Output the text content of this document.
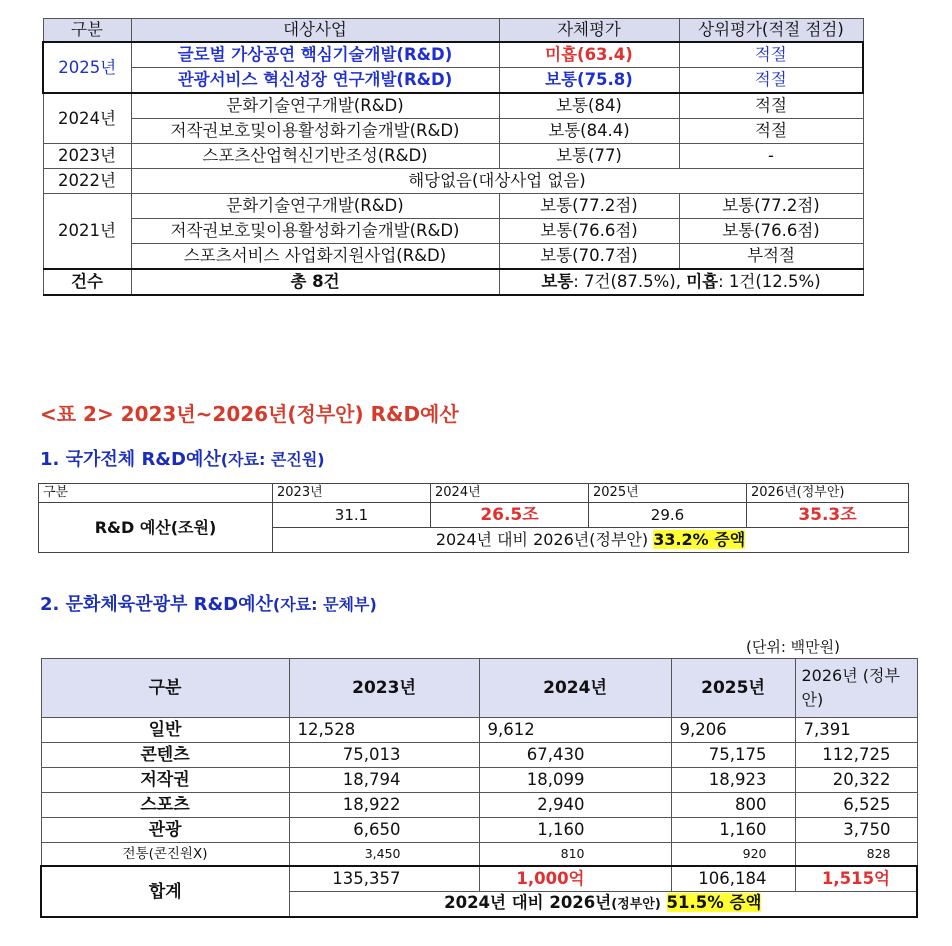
구분	대상사업	자체평가	상위평가(적절 점검)
2025년	글로벌 가상공연 핵심기술개발(R&D)	미흡(63.4)	적절
	관광서비스 혁신성장 연구개발(R&D)	보통(75.8)	적절
2024년	문화기술연구개발(R&D)	보통(84)	적절
	저작권보호및이용활성화기술개발(R&D)	보통(84.4)	적절
2023년	스포츠산업혁신기반조성(R&D)	보통(77)	-
2022년	해당없음(대상사업 없음)		
2021년	문화기술연구개발(R&D)	보통(77.2점)	보통(77.2점)
	저작권보호및이용활성화기술개발(R&D)	보통(76.6점)	보통(76.6점)
	스포츠서비스 사업화지원사업(R&D)	보통(70.7점)	부적절
건수	총 8건	보통: 7건(87.5%), 미흡: 1건(12.5%)	
<표 2> 2023년~2026년(정부안) R&D예산
1. 국가전체 R&D예산(자료: 콘진원)
구분	2023년	2024년	2025년	2026년(정부안)
R&D 예산(조원)	31.1	26.5조	29.6	35.3조
	2024년 대비 2026년(정부안) 33.2% 증액			
2. 문화체육관광부 R&D예산(자료: 문체부)
(단위: 백만원)
구분	2023년	2024년	2025년	2026년 (정부안)
일반	12,528	9,612	9,206	7,391
콘텐츠	75,013	67,430	75,175	112,725
저작권	18,794	18,099	18,923	20,322
스포츠	18,922	2,940	800	6,525
관광	6,650	1,160	1,160	3,750
전통(콘진원X)	3,450	810	920	828
합계	135,357	1,000억	106,184	1,515억
	2024년 대비 2026년(정부안) 51.5% 증액			
